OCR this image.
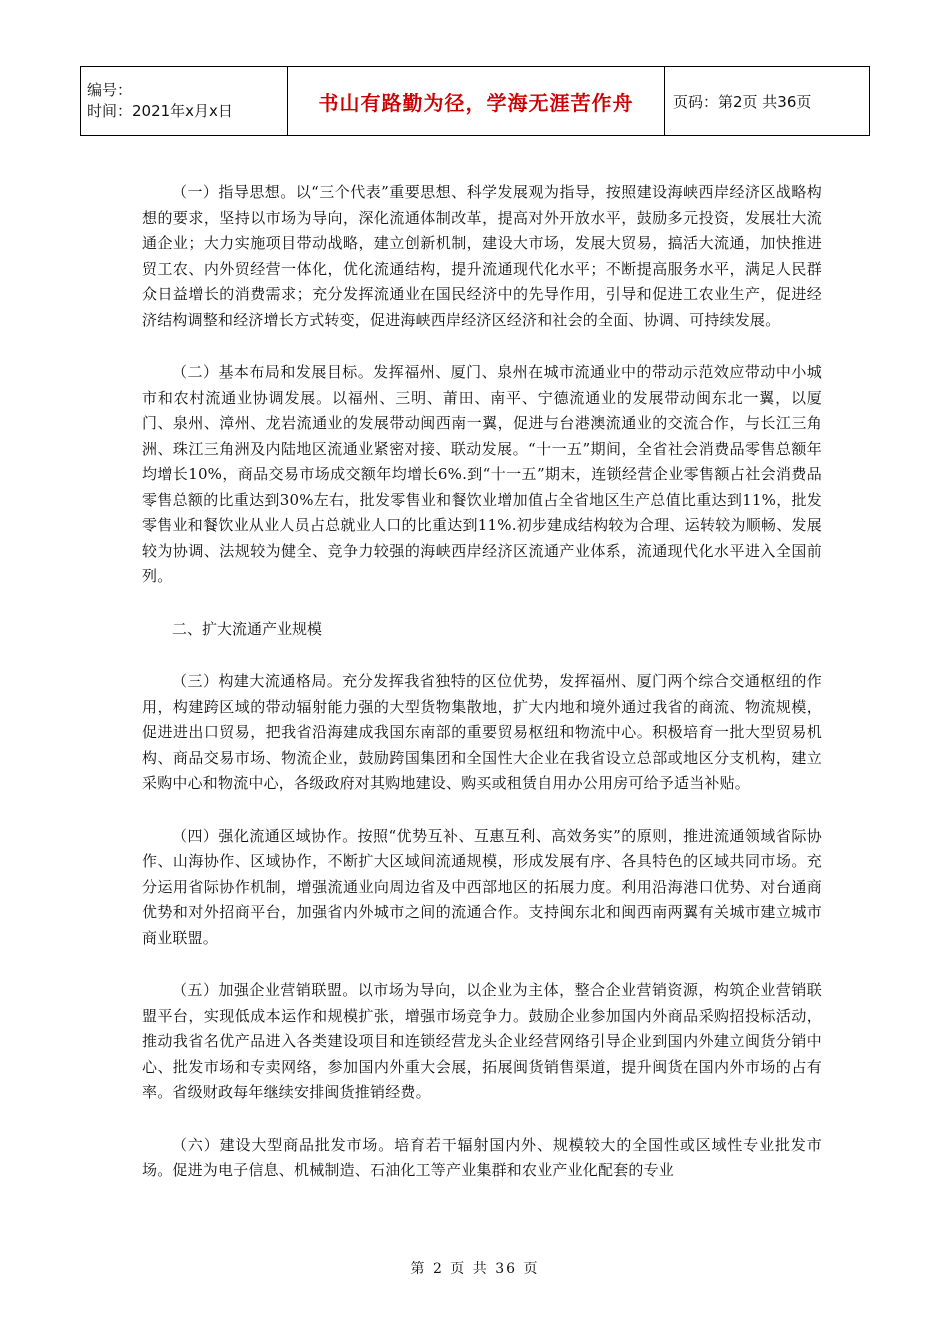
编号：
时间：2021年x月x日	书山有路勤为径，学海无涯苦作舟	页码：第2页 共36页

（一）指导思想。以“三个代表”重要思想、科学发展观为指导，按照建设海峡西岸经济区战略构想的要求，坚持以市场为导向，深化流通体制改革，提高对外开放水平，鼓励多元投资，发展壮大流通企业；大力实施项目带动战略，建立创新机制，建设大市场，发展大贸易，搞活大流通，加快推进贸工农、内外贸经营一体化，优化流通结构，提升流通现代化水平；不断提高服务水平，满足人民群众日益增长的消费需求；充分发挥流通业在国民经济中的先导作用，引导和促进工农业生产，促进经济结构调整和经济增长方式转变，促进海峡西岸经济区经济和社会的全面、协调、可持续发展。

（二）基本布局和发展目标。发挥福州、厦门、泉州在城市流通业中的带动示范效应带动中小城市和农村流通业协调发展。以福州、三明、莆田、南平、宁德流通业的发展带动闽东北一翼，以厦门、泉州、漳州、龙岩流通业的发展带动闽西南一翼，促进与台港澳流通业的交流合作，与长江三角洲、珠江三角洲及内陆地区流通业紧密对接、联动发展。“十一五”期间，全省社会消费品零售总额年均增长10%，商品交易市场成交额年均增长6%.到“十一五”期末，连锁经营企业零售额占社会消费品零售总额的比重达到30%左右，批发零售业和餐饮业增加值占全省地区生产总值比重达到11%，批发零售业和餐饮业从业人员占总就业人口的比重达到11%.初步建成结构较为合理、运转较为顺畅、发展较为协调、法规较为健全、竞争力较强的海峡西岸经济区流通产业体系，流通现代化水平进入全国前列。

二、扩大流通产业规模

（三）构建大流通格局。充分发挥我省独特的区位优势，发挥福州、厦门两个综合交通枢纽的作用，构建跨区域的带动辐射能力强的大型货物集散地，扩大内地和境外通过我省的商流、物流规模，促进进出口贸易，把我省沿海建成我国东南部的重要贸易枢纽和物流中心。积极培育一批大型贸易机构、商品交易市场、物流企业，鼓励跨国集团和全国性大企业在我省设立总部或地区分支机构，建立采购中心和物流中心，各级政府对其购地建设、购买或租赁自用办公用房可给予适当补贴。

（四）强化流通区域协作。按照“优势互补、互惠互利、高效务实”的原则，推进流通领域省际协作、山海协作、区域协作，不断扩大区域间流通规模，形成发展有序、各具特色的区域共同市场。充分运用省际协作机制，增强流通业向周边省及中西部地区的拓展力度。利用沿海港口优势、对台通商优势和对外招商平台，加强省内外城市之间的流通合作。支持闽东北和闽西南两翼有关城市建立城市商业联盟。

（五）加强企业营销联盟。以市场为导向，以企业为主体，整合企业营销资源，构筑企业营销联盟平台，实现低成本运作和规模扩张，增强市场竞争力。鼓励企业参加国内外商品采购招投标活动，推动我省名优产品进入各类建设项目和连锁经营龙头企业经营网络引导企业到国内外建立闽货分销中心、批发市场和专卖网络，参加国内外重大会展，拓展闽货销售渠道，提升闽货在国内外市场的占有率。省级财政每年继续安排闽货推销经费。

（六）建设大型商品批发市场。培育若干辐射国内外、规模较大的全国性或区域性专业批发市场。促进为电子信息、机械制造、石油化工等产业集群和农业产业化配套的专业

第 2 页 共 36 页
